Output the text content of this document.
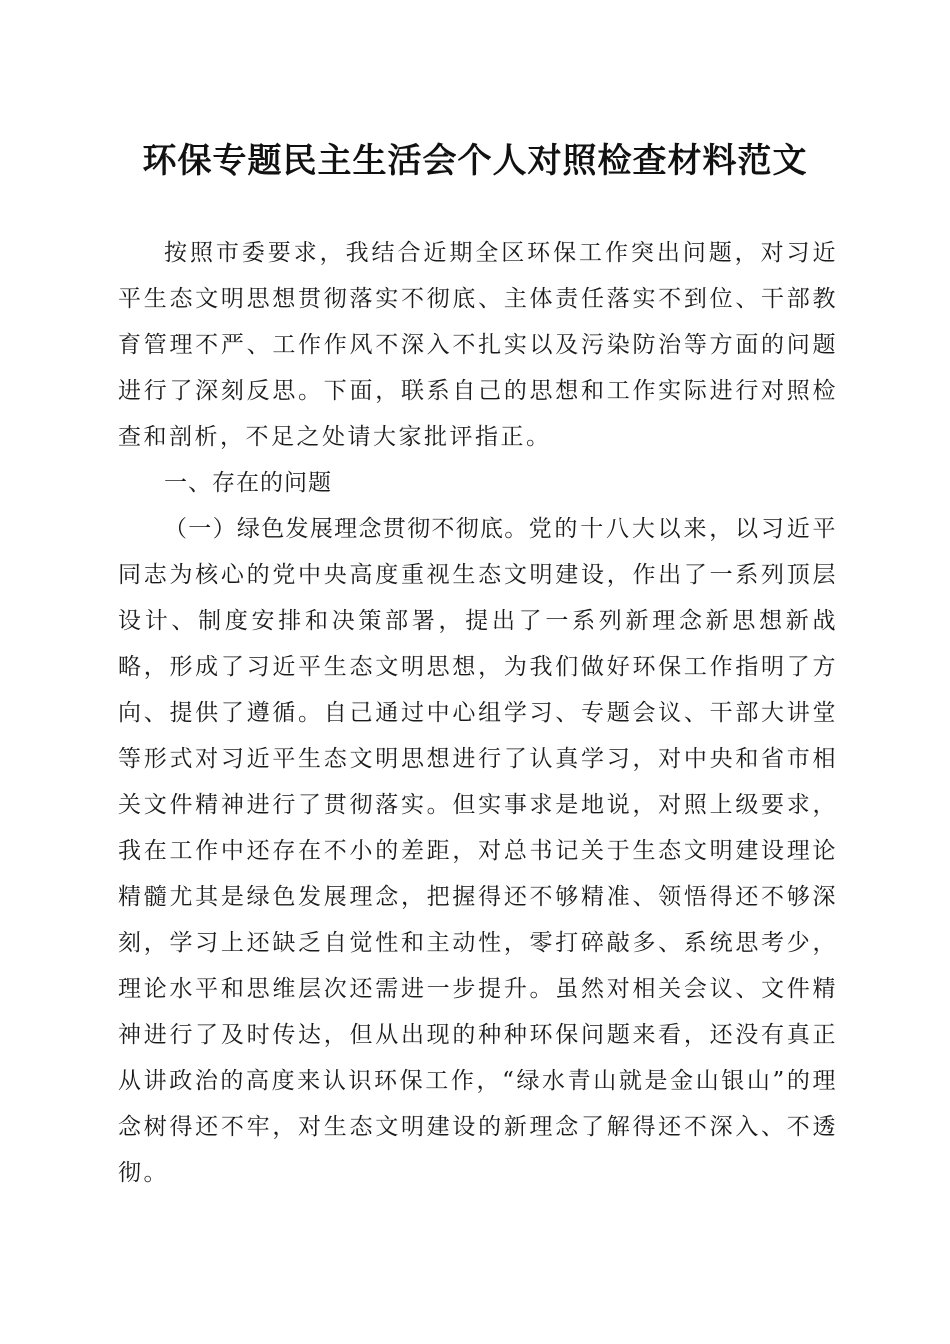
环保专题民主生活会个人对照检查材料范文

按照市委要求，我结合近期全区环保工作突出问题，对习近平生态文明思想贯彻落实不彻底、主体责任落实不到位、干部教育管理不严、工作作风不深入不扎实以及污染防治等方面的问题进行了深刻反思。下面，联系自己的思想和工作实际进行对照检查和剖析，不足之处请大家批评指正。

一、存在的问题

（一）绿色发展理念贯彻不彻底。党的十八大以来，以习近平同志为核心的党中央高度重视生态文明建设，作出了一系列顶层设计、制度安排和决策部署，提出了一系列新理念新思想新战略，形成了习近平生态文明思想，为我们做好环保工作指明了方向、提供了遵循。自己通过中心组学习、专题会议、干部大讲堂等形式对习近平生态文明思想进行了认真学习，对中央和省市相关文件精神进行了贯彻落实。但实事求是地说，对照上级要求，我在工作中还存在不小的差距，对总书记关于生态文明建设理论精髓尤其是绿色发展理念，把握得还不够精准、领悟得还不够深刻，学习上还缺乏自觉性和主动性，零打碎敲多、系统思考少，理论水平和思维层次还需进一步提升。虽然对相关会议、文件精神进行了及时传达，但从出现的种种环保问题来看，还没有真正从讲政治的高度来认识环保工作，“绿水青山就是金山银山”的理念树得还不牢，对生态文明建设的新理念了解得还不深入、不透彻。
